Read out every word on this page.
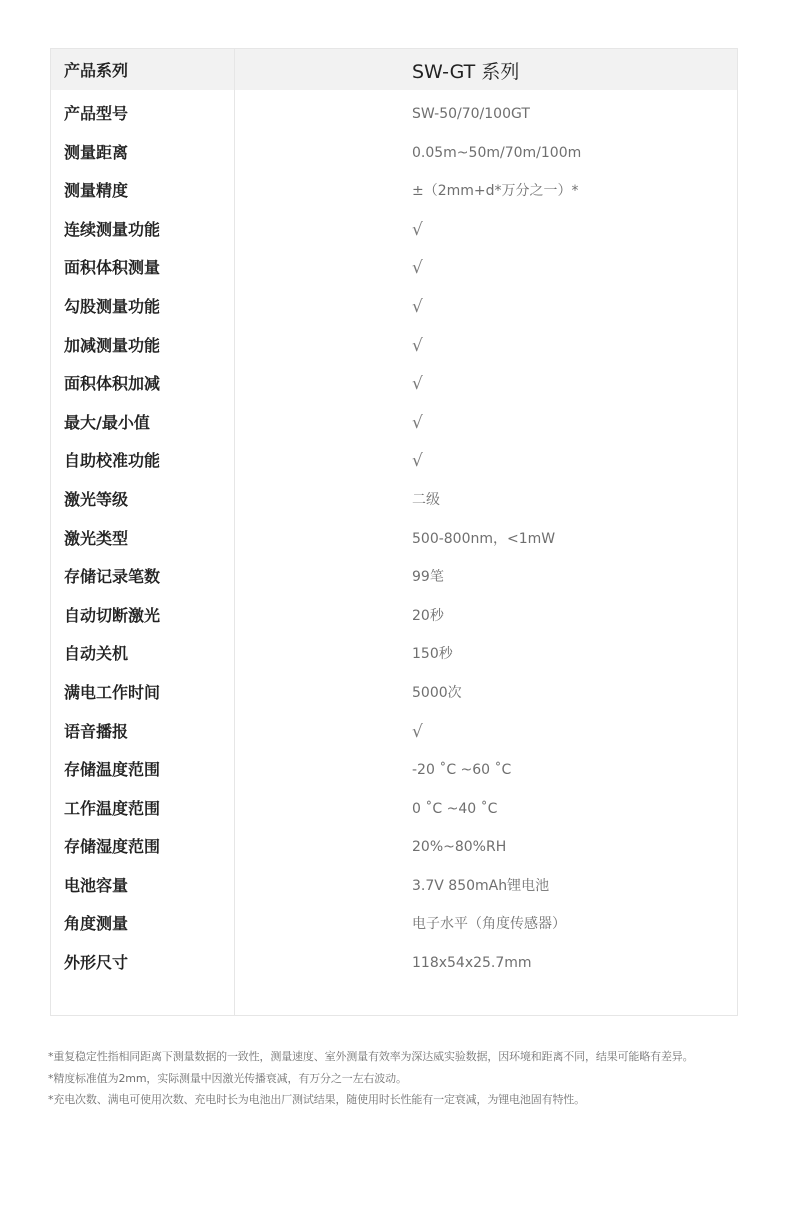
产品系列	SW-GT 系列
产品型号	SW-50/70/100GT
测量距离	0.05m~50m/70m/100m
测量精度	±（2mm+d*万分之一）*
连续测量功能	√
面积体积测量	√
勾股测量功能	√
加减测量功能	√
面积体积加减	√
最大/最小值	√
自助校准功能	√
激光等级	二级
激光类型	500-800nm，<1mW
存储记录笔数	99笔
自动切断激光	20秒
自动关机	150秒
满电工作时间	5000次
语音播报	√
存储温度范围	-20 ˚C ~60 ˚C
工作温度范围	0 ˚C ~40 ˚C
存储湿度范围	20%~80%RH
电池容量	3.7V 850mAh锂电池
角度测量	电子水平（角度传感器）
外形尺寸	118x54x25.7mm
*重复稳定性指相同距离下测量数据的一致性，测量速度、室外测量有效率为深达威实验数据，因环境和距离不同，结果可能略有差异。
*精度标准值为2mm，实际测量中因激光传播衰减，有万分之一左右波动。
*充电次数、满电可使用次数、充电时长为电池出厂测试结果，随使用时长性能有一定衰减，为锂电池固有特性。
